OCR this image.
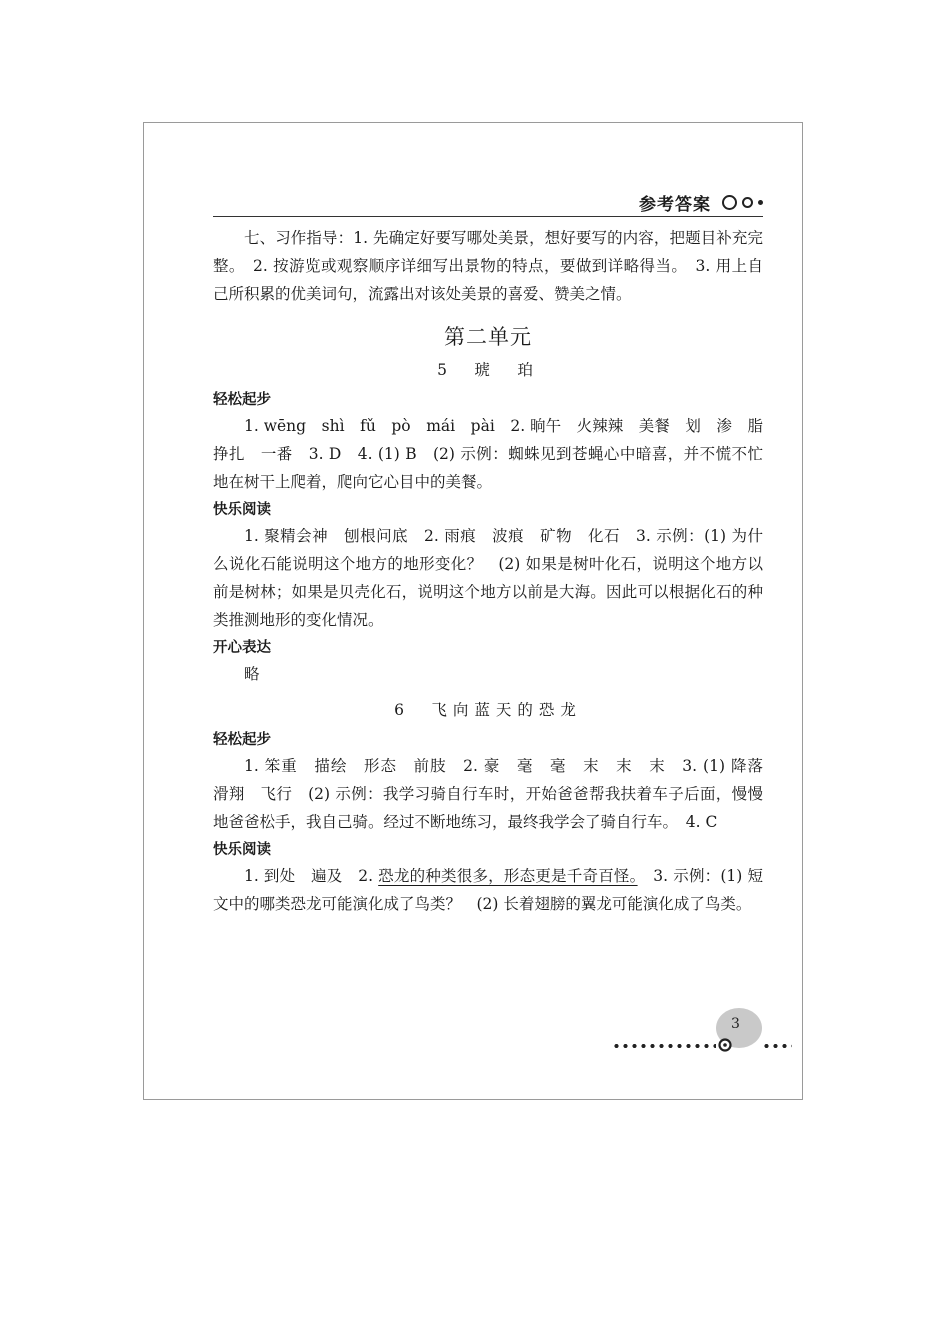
参考答案

七、习作指导：1. 先确定好要写哪处美景，想好要写的内容，把题目补充完整。　2. 按游览或观察顺序详细写出景物的特点，要做到详略得当。　3. 用上自己所积累的优美词句，流露出对该处美景的喜爱、赞美之情。

第二单元
5　琥　珀
轻松起步

1. wēng　shì　fǔ　pò　mái　pài　2. 晌午　火辣辣　美餐　划　渗　脂　挣扎　一番　3. D　4. (1) B　(2) 示例：蜘蛛见到苍蝇心中暗喜，并不慌不忙地在树干上爬着，爬向它心目中的美餐。

快乐阅读

1. 聚精会神　刨根问底　2. 雨痕　波痕　矿物　化石　3. 示例：(1) 为什么说化石能说明这个地方的地形变化？　(2) 如果是树叶化石，说明这个地方以前是树林；如果是贝壳化石，说明这个地方以前是大海。因此可以根据化石的种类推测地形的变化情况。

开心表达

略

6　飞向蓝天的恐龙
轻松起步

1. 笨重　描绘　形态　前肢　2. 豪　毫　毫　末　末　末　3. (1) 降落　滑翔　飞行　(2) 示例：我学习骑自行车时，开始爸爸帮我扶着车子后面，慢慢地爸爸松手，我自己骑。经过不断地练习，最终我学会了骑自行车。　4. C

快乐阅读

1. 到处　遍及　2. 恐龙的种类很多，形态更是千奇百怪。　3. 示例：(1) 短文中的哪类恐龙可能演化成了鸟类？　(2) 长着翅膀的翼龙可能演化成了鸟类。

3
